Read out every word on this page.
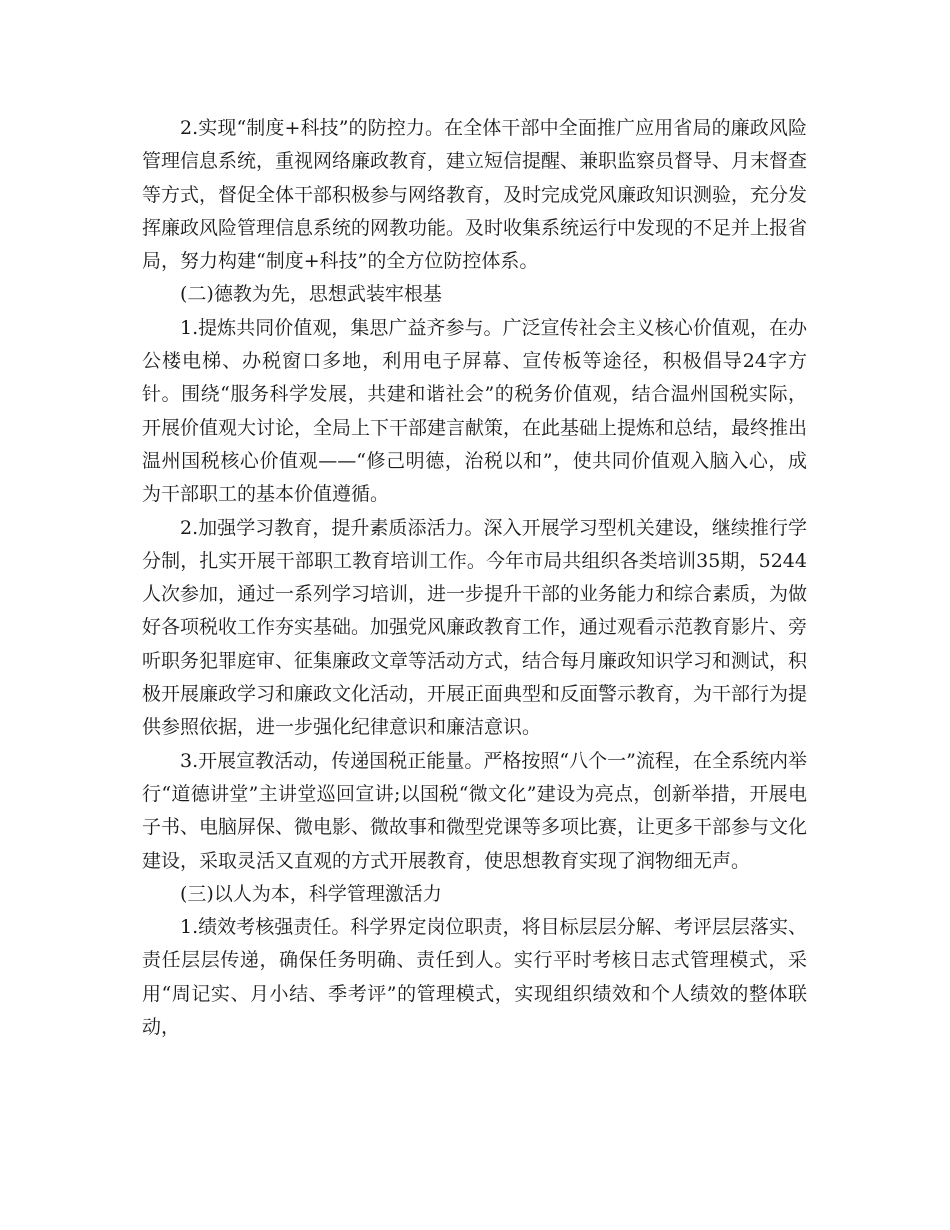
2.实现“制度+科技”的防控力。在全体干部中全面推广应用省局的廉政风险管理信息系统，重视网络廉政教育，建立短信提醒、兼职监察员督导、月末督查等方式，督促全体干部积极参与网络教育，及时完成党风廉政知识测验，充分发挥廉政风险管理信息系统的网教功能。及时收集系统运行中发现的不足并上报省局，努力构建“制度+科技”的全方位防控体系。

(二)德教为先，思想武装牢根基

1.提炼共同价值观，集思广益齐参与。广泛宣传社会主义核心价值观，在办公楼电梯、办税窗口多地，利用电子屏幕、宣传板等途径，积极倡导24字方针。围绕“服务科学发展，共建和谐社会”的税务价值观，结合温州国税实际，开展价值观大讨论，全局上下干部建言献策，在此基础上提炼和总结，最终推出温州国税核心价值观——“修己明德，治税以和”，使共同价值观入脑入心，成为干部职工的基本价值遵循。

2.加强学习教育，提升素质添活力。深入开展学习型机关建设，继续推行学分制，扎实开展干部职工教育培训工作。今年市局共组织各类培训35期，5244人次参加，通过一系列学习培训，进一步提升干部的业务能力和综合素质，为做好各项税收工作夯实基础。加强党风廉政教育工作，通过观看示范教育影片、旁听职务犯罪庭审、征集廉政文章等活动方式，结合每月廉政知识学习和测试，积极开展廉政学习和廉政文化活动，开展正面典型和反面警示教育，为干部行为提供参照依据，进一步强化纪律意识和廉洁意识。

3.开展宣教活动，传递国税正能量。严格按照“八个一”流程，在全系统内举行“道德讲堂”主讲堂巡回宣讲;以国税“微文化”建设为亮点，创新举措，开展电子书、电脑屏保、微电影、微故事和微型党课等多项比赛，让更多干部参与文化建设，采取灵活又直观的方式开展教育，使思想教育实现了润物细无声。

(三)以人为本，科学管理激活力

1.绩效考核强责任。科学界定岗位职责，将目标层层分解、考评层层落实、责任层层传递，确保任务明确、责任到人。实行平时考核日志式管理模式，采用“周记实、月小结、季考评”的管理模式，实现组织绩效和个人绩效的整体联动，
